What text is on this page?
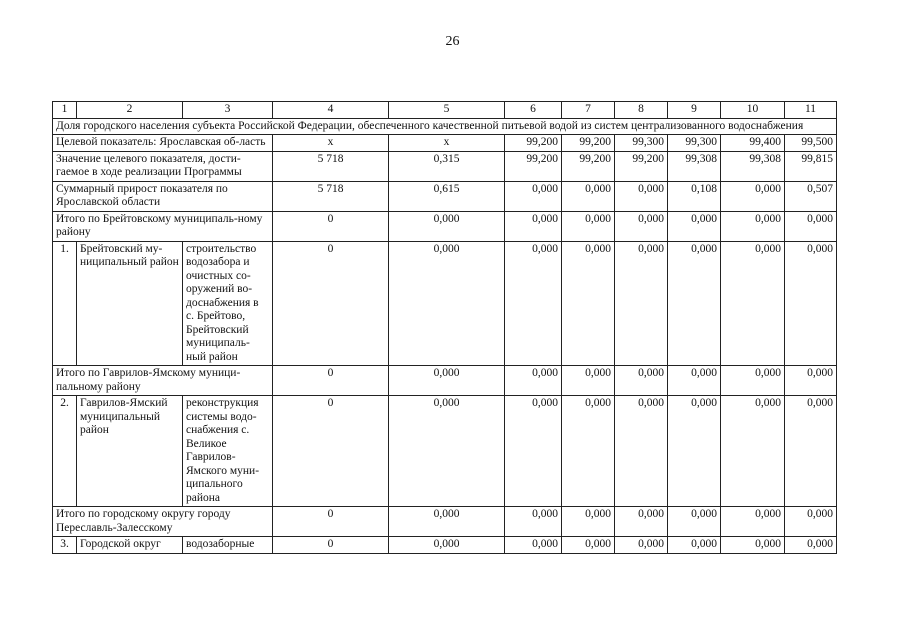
26
1	2	3	4	5	6	7	8	9	10	11
Доля городского населения субъекта Российской Федерации, обеспеченного качественной питьевой водой из систем централизованного водоснабжения										
Целевой показатель: Ярославская об-ласть			x	x	99,200	99,200	99,300	99,300	99,400	99,500
Значение целевого показателя, дости-гаемое в ходе реализации Программы			5 718	0,315	99,200	99,200	99,200	99,308	99,308	99,815
Суммарный прирост показателя по Ярославской области			5 718	0,615	0,000	0,000	0,000	0,108	0,000	0,507
Итого по Брейтовскому муниципаль-ному району			0	0,000	0,000	0,000	0,000	0,000	0,000	0,000
1.	Брейтовский му-ниципальный район	строительство водозабора и очистных со-оружений во-доснабжения в с. Брейтово, Брейтовский муниципаль-ный район	0	0,000	0,000	0,000	0,000	0,000	0,000	0,000
Итого по Гаврилов-Ямскому муници-пальному району			0	0,000	0,000	0,000	0,000	0,000	0,000	0,000
2.	Гаврилов-Ямский муниципальный район	реконструкция системы водо-снабжения с. Великое Гаврилов-Ямского муни-ципального района	0	0,000	0,000	0,000	0,000	0,000	0,000	0,000
Итого по городскому округу городу Переславль-Залесскому			0	0,000	0,000	0,000	0,000	0,000	0,000	0,000
3.	Городской округ	водозаборные	0	0,000	0,000	0,000	0,000	0,000	0,000	0,000
